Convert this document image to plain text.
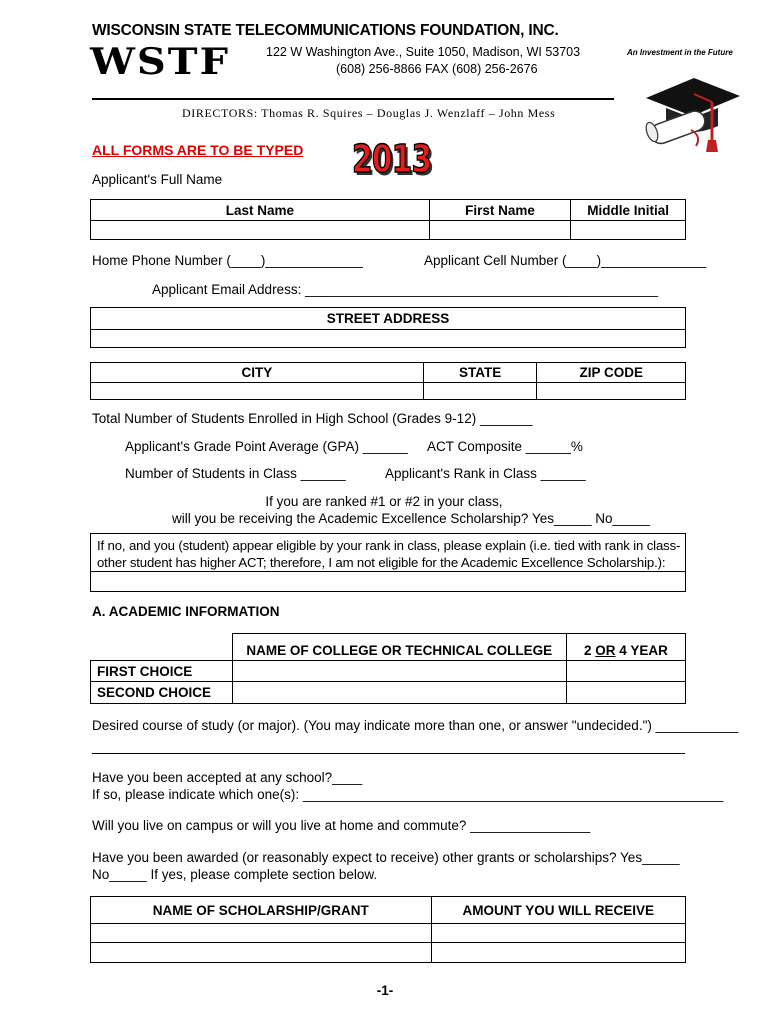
WISCONSIN STATE TELECOMMUNICATIONS FOUNDATION, INC.
WSTF	122 W Washington Ave., Suite 1050, Madison, WI 53703
(608) 256-8866 FAX (608) 256-2676
An Investment in the Future
DIRECTORS: Thomas R. Squires – Douglas J. Wenzlaff – John Mess
ALL FORMS ARE TO BE TYPED 2013
Applicant's Full Name
Last Name	First Name	Middle Initial

Home Phone Number (____)_____________	Applicant Cell Number (____)______________
Applicant Email Address: _______________________________________________
STREET ADDRESS

CITY	STATE	ZIP CODE

Total Number of Students Enrolled in High School (Grades 9-12) _______
Applicant's Grade Point Average (GPA) ______ ACT Composite ______%
Number of Students in Class ______	Applicant's Rank in Class ______
If you are ranked #1 or #2 in your class,
will you be receiving the Academic Excellence Scholarship? Yes_____ No_____
If no, and you (student) appear eligible by your rank in class, please explain (i.e. tied with rank in class-other student has higher ACT; therefore, I am not eligible for the Academic Excellence Scholarship.):
A. ACADEMIC INFORMATION
	NAME OF COLLEGE OR TECHNICAL COLLEGE	2 OR 4 YEAR
FIRST CHOICE		
SECOND CHOICE		
Desired course of study (or major). (You may indicate more than one, or answer "undecided.") ___________
Have you been accepted at any school?____
If so, please indicate which one(s): ________________________________________________________
Will you live on campus or will you live at home and commute? ________________
Have you been awarded (or reasonably expect to receive) other grants or scholarships? Yes_____ No_____ If yes, please complete section below.
NAME OF SCHOLARSHIP/GRANT	AMOUNT YOU WILL RECEIVE

-1-
